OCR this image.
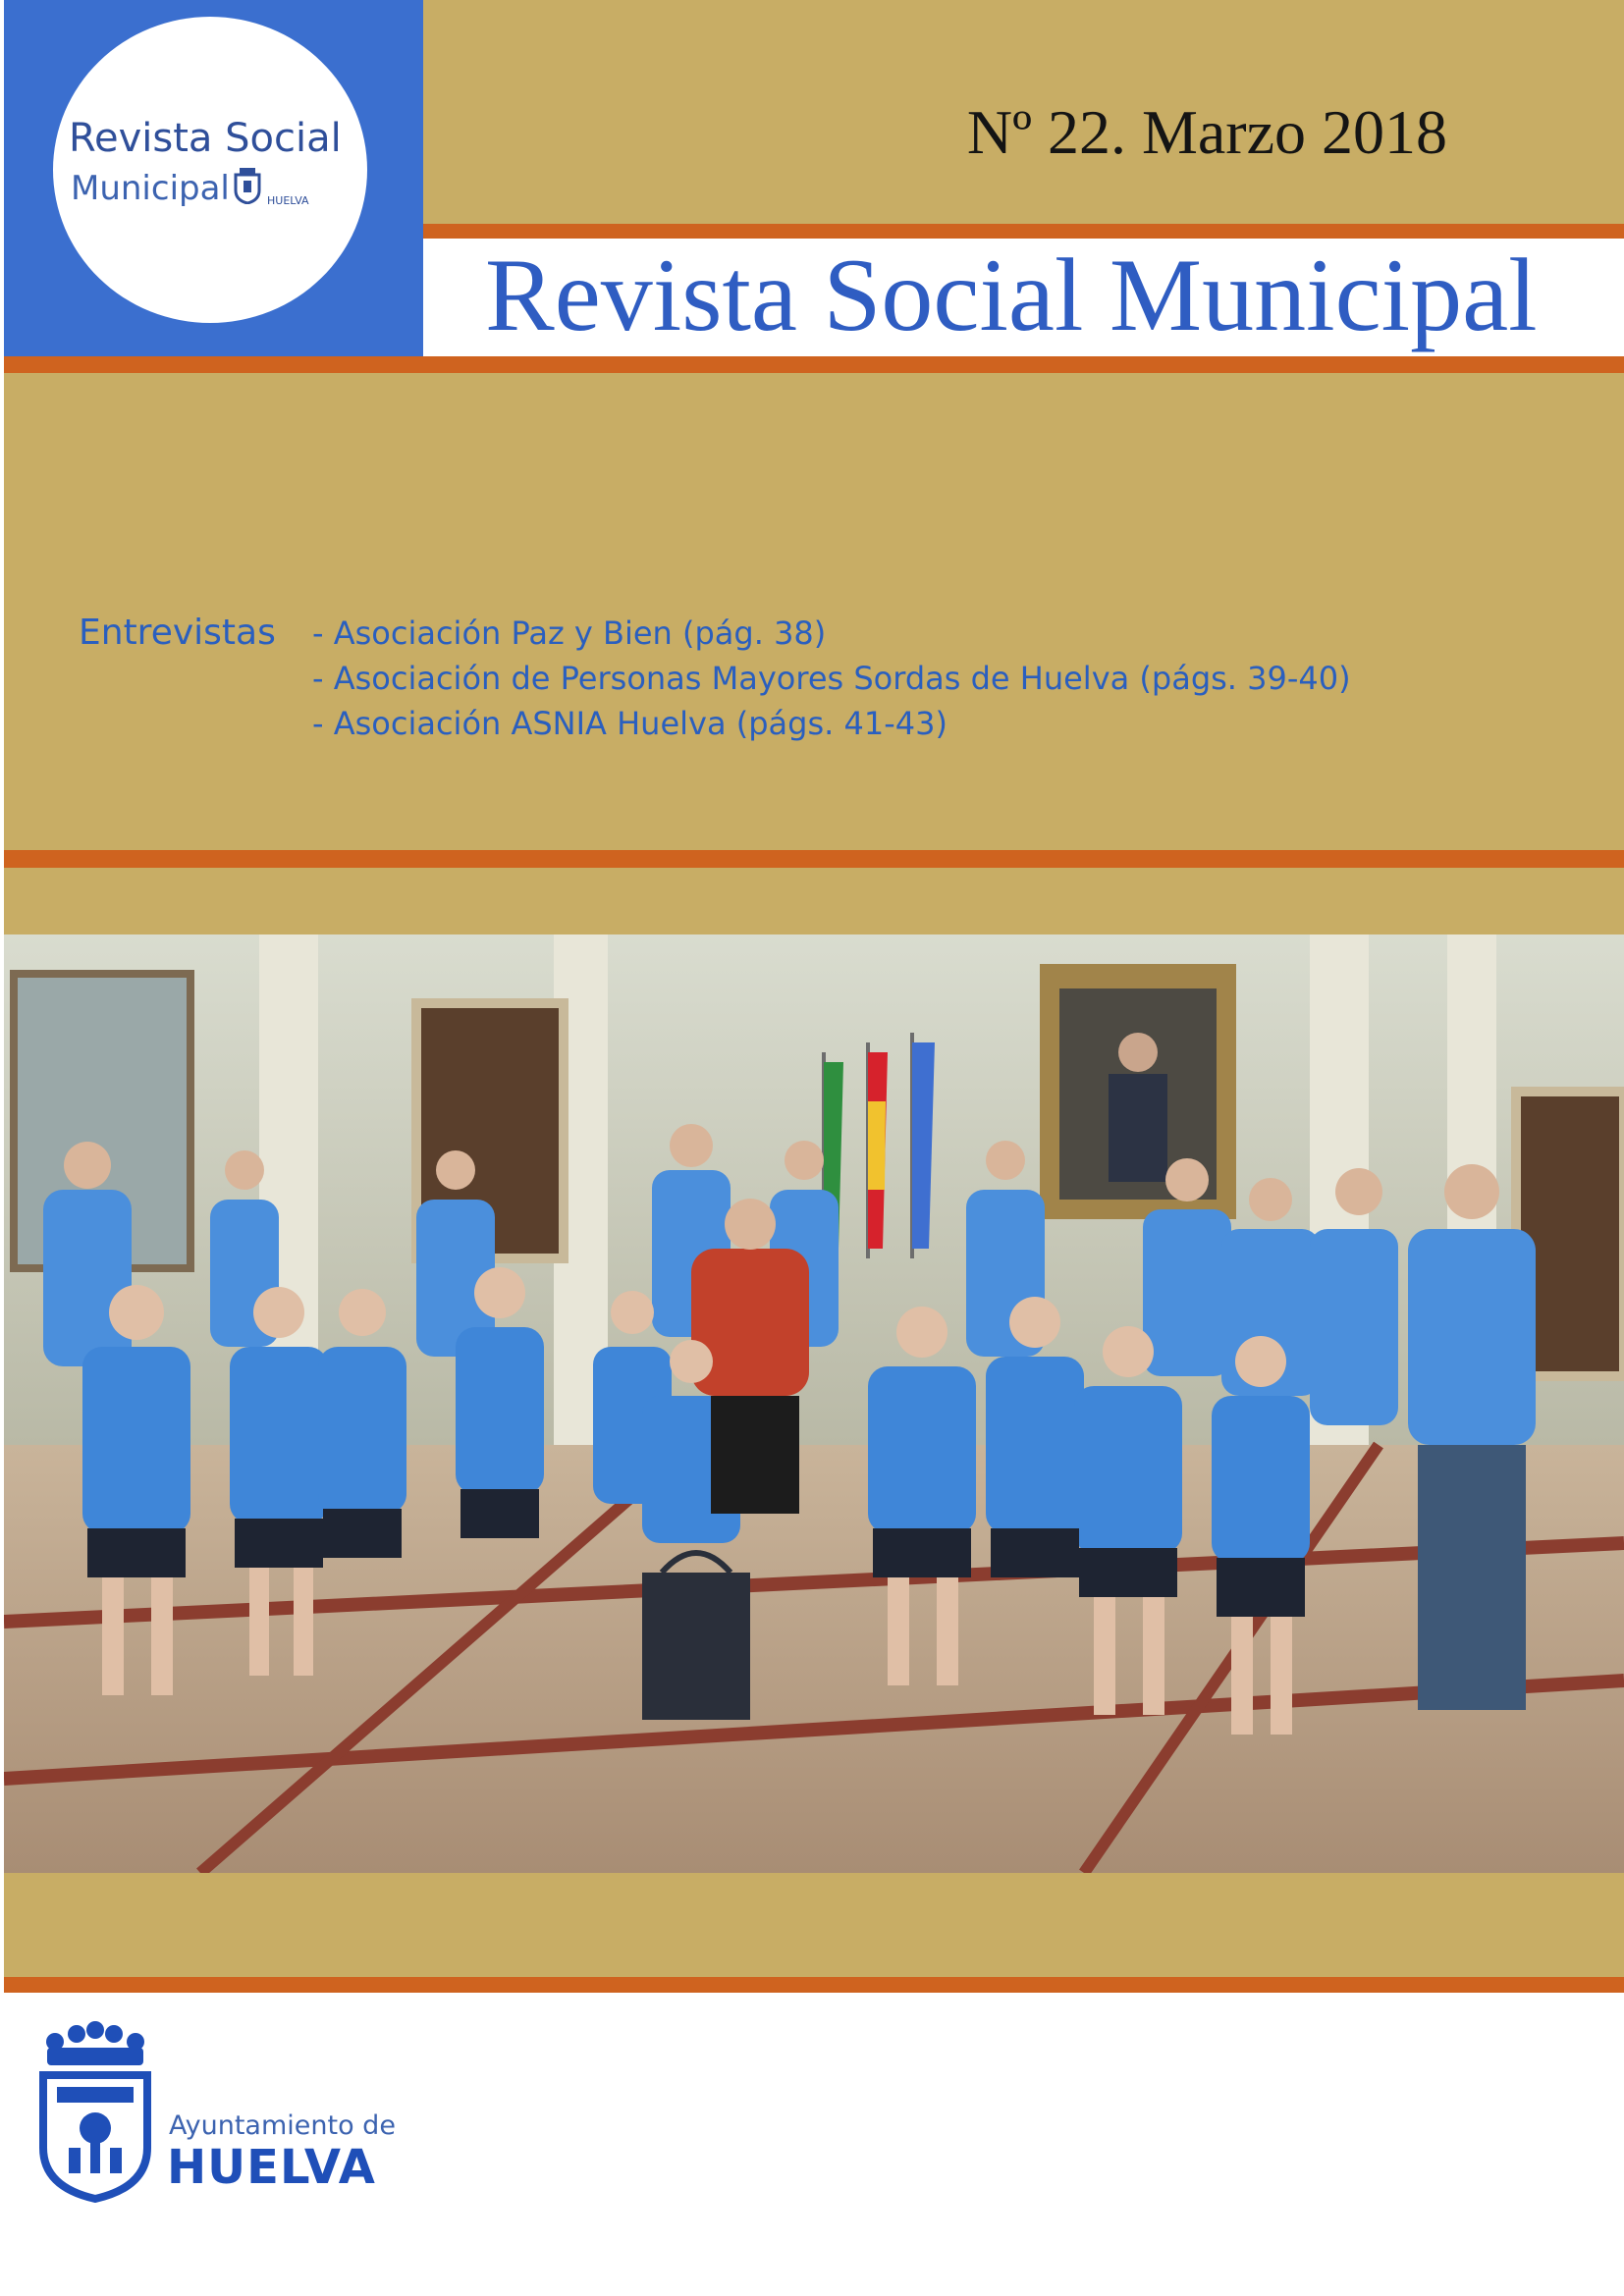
Revista Social
Municipal	HUELVA
Nº 22. Marzo 2018
Revista Social Municipal
Entrevistas - Asociación Paz y Bien (pág. 38)
- Asociación de Personas Mayores Sordas de Huelva (págs. 39-40)
- Asociación ASNIA Huelva (págs. 41-43)
Ayuntamiento de
HUELVA
